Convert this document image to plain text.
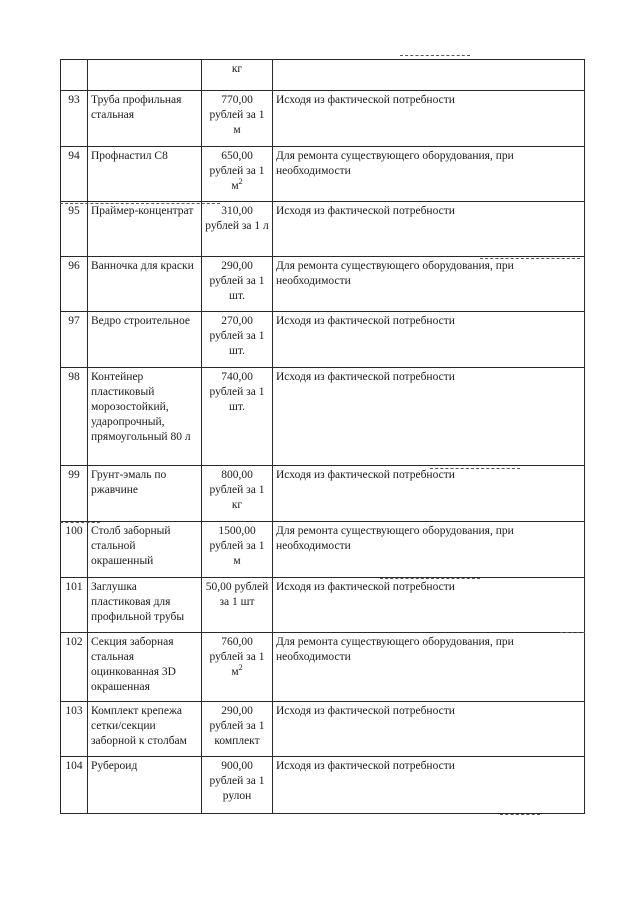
		кг	
93	Труба профильная стальная	770,00 рублей за 1 м	Исходя из фактической потребности
94	Профнастил С8	650,00 рублей за 1 $м^2$	Для ремонта существующего оборудования, при необходимости
95	Праймер-концентрат	310,00 рублей за 1 л	Исходя из фактической потребности
96	Ванночка для краски	290,00 рублей за 1 шт.	Для ремонта существующего оборудования, при необходимости
97	Ведро строительное	270,00 рублей за 1 шт.	Исходя из фактической потребности
98	Контейнер пластиковый морозостойкий, ударопрочный, прямоугольный 80 л	740,00 рублей за 1 шт.	Исходя из фактической потребности
99	Грунт-эмаль по ржавчине	800,00 рублей за 1 кг	Исходя из фактической потребности
100	Столб заборный стальной окрашенный	1500,00 рублей за 1 м	Для ремонта существующего оборудования, при необходимости
101	Заглушка пластиковая для профильной трубы	50,00 рублей за 1 шт	Исходя из фактической потребности
102	Секция заборная стальная оцинкованная 3D окрашенная	760,00 рублей за 1 $м^2$	Для ремонта существующего оборудования, при необходимости
103	Комплект крепежа сетки/секции заборной к столбам	290,00 рублей за 1 комплект	Исходя из фактической потребности
104	Рубероид	900,00 рублей за 1 рулон	Исходя из фактической потребности
